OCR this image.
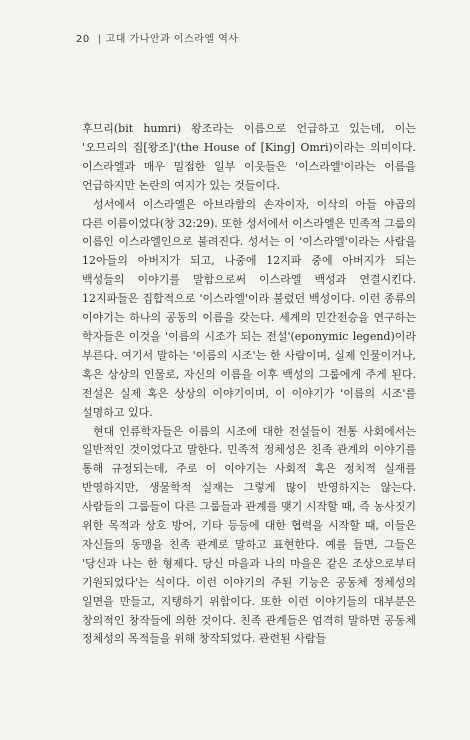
20 | 고대 가나안과 이스라엘 역사

후므리(bit humri) 왕조라는 이름으로 언급하고 있는데, 이는 '오므리의 집[왕조]'(the House of [King] Omri)이라는 의미이다. 이스라엘과 매우 밀접한 일부 이웃들은 '이스라엘'이라는 이름을 언급하지만 논란의 여지가 있는 것들이다.

성서에서 이스라엘은 아브라함의 손자이자, 이삭의 아들 야곱의 다른 이름이었다(창 32:29). 또한 성서에서 이스라엘은 민족적 그룹의 이름인 이스라엘인으로 불려진다. 성서는 이 '이스라엘'이라는 사람을 12아들의 아버지가 되고, 나중에 12지파 중에 아버지가 되는 백성들의 이야기를 말함으로써 이스라엘 백성과 연결시킨다. 12지파들은 집합적으로 '이스라엘'이라 불렸던 백성이다. 이런 종류의 이야기는 하나의 공동의 이름을 갖는다. 세계의 민간전승을 연구하는 학자들은 이것을 '이름의 시조가 되는 전설'(eponymic legend)이라 부른다. 여기서 말하는 '이름의 시조'는 한 사람이며, 실제 인물이거나, 혹은 상상의 인물로, 자신의 이름을 이후 백성의 그룹에게 주게 된다. 전설은 실제 혹은 상상의 이야기이며, 이 이야기가 '이름의 시조'를 설명하고 있다.

현대 인류학자들은 이름의 시조에 대한 전설들이 전통 사회에서는 일반적인 것이었다고 말한다. 민족적 정체성은 친족 관계의 이야기를 통해 규정되는데, 주로 이 이야기는 사회적 혹은 정치적 실재를 반영하지만, 생물학적 실재는 그렇게 많이 반영하지는 않는다. 사람들의 그룹들이 다른 그룹들과 관계를 맺기 시작할 때, 즉 농사짓기 위한 목적과 상호 방어, 기타 등등에 대한 협력을 시작할 때, 이들은 자신들의 동맹을 친족 관계로 말하고 표현한다. 예를 들면, 그들은 '당신과 나는 한 형제다. 당신 마을과 나의 마을은 같은 조상으로부터 기원되었다'는 식이다. 이런 이야기의 주된 기능은 공동체 정체성의 일면을 만들고, 지탱하기 위함이다. 또한 이런 이야기들의 대부분은 창의적인 창작들에 의한 것이다. 친족 관계들은 엄격히 말하면 공동체 정체성의 목적들을 위해 창작되었다. 관련된 사람들
